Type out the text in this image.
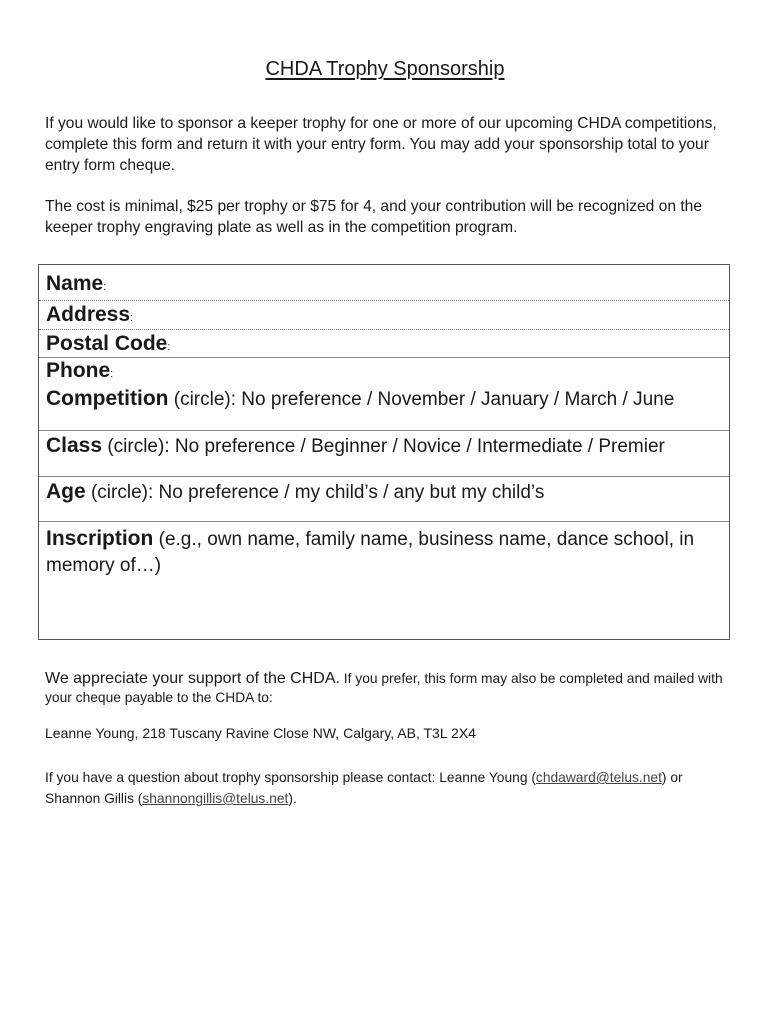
CHDA Trophy Sponsorship
If you would like to sponsor a keeper trophy for one or more of our upcoming CHDA competitions, complete this form and return it with your entry form. You may add your sponsorship total to your entry form cheque.
The cost is minimal, $25 per trophy or $75 for 4, and your contribution will be recognized on the keeper trophy engraving plate as well as in the competition program.
Name:
Address:
Postal Code:
Phone:
Competition (circle): No preference / November / January / March / June
Class (circle): No preference / Beginner / Novice / Intermediate / Premier
Age (circle): No preference / my child’s / any but my child’s
Inscription (e.g., own name, family name, business name, dance school, in memory of…)
We appreciate your support of the CHDA. If you prefer, this form may also be completed and mailed with your cheque payable to the CHDA to:
Leanne Young, 218 Tuscany Ravine Close NW, Calgary, AB, T3L 2X4
If you have a question about trophy sponsorship please contact: Leanne Young (chdaward@telus.net) or Shannon Gillis (shannongillis@telus.net).
